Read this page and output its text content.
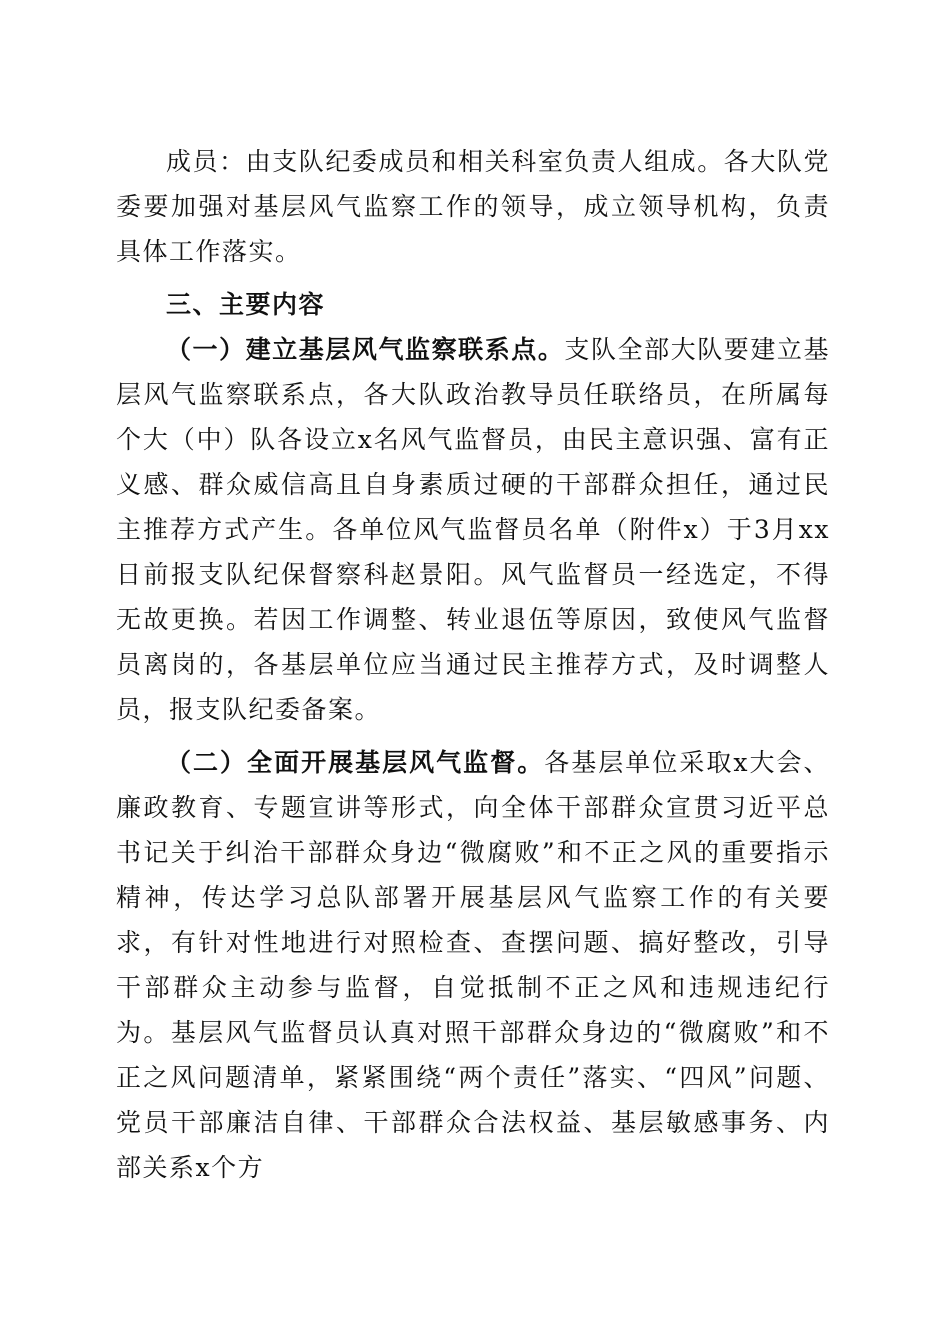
成员：由支队纪委成员和相关科室负责人组成。各大队党委要加强对基层风气监察工作的领导，成立领导机构，负责具体工作落实。

三、主要内容

（一）建立基层风气监察联系点。支队全部大队要建立基层风气监察联系点，各大队政治教导员任联络员，在所属每个大（中）队各设立x名风气监督员，由民主意识强、富有正义感、群众威信高且自身素质过硬的干部群众担任，通过民主推荐方式产生。各单位风气监督员名单（附件x）于3月xx日前报支队纪保督察科赵景阳。风气监督员一经选定，不得无故更换。若因工作调整、转业退伍等原因，致使风气监督员离岗的，各基层单位应当通过民主推荐方式，及时调整人员，报支队纪委备案。

（二）全面开展基层风气监督。各基层单位采取x大会、廉政教育、专题宣讲等形式，向全体干部群众宣贯习近平总书记关于纠治干部群众身边“微腐败”和不正之风的重要指示精神，传达学习总队部署开展基层风气监察工作的有关要求，有针对性地进行对照检查、查摆问题、搞好整改，引导干部群众主动参与监督，自觉抵制不正之风和违规违纪行为。基层风气监督员认真对照干部群众身边的“微腐败”和不正之风问题清单，紧紧围绕“两个责任”落实、“四风”问题、党员干部廉洁自律、干部群众合法权益、基层敏感事务、内部关系x个方
